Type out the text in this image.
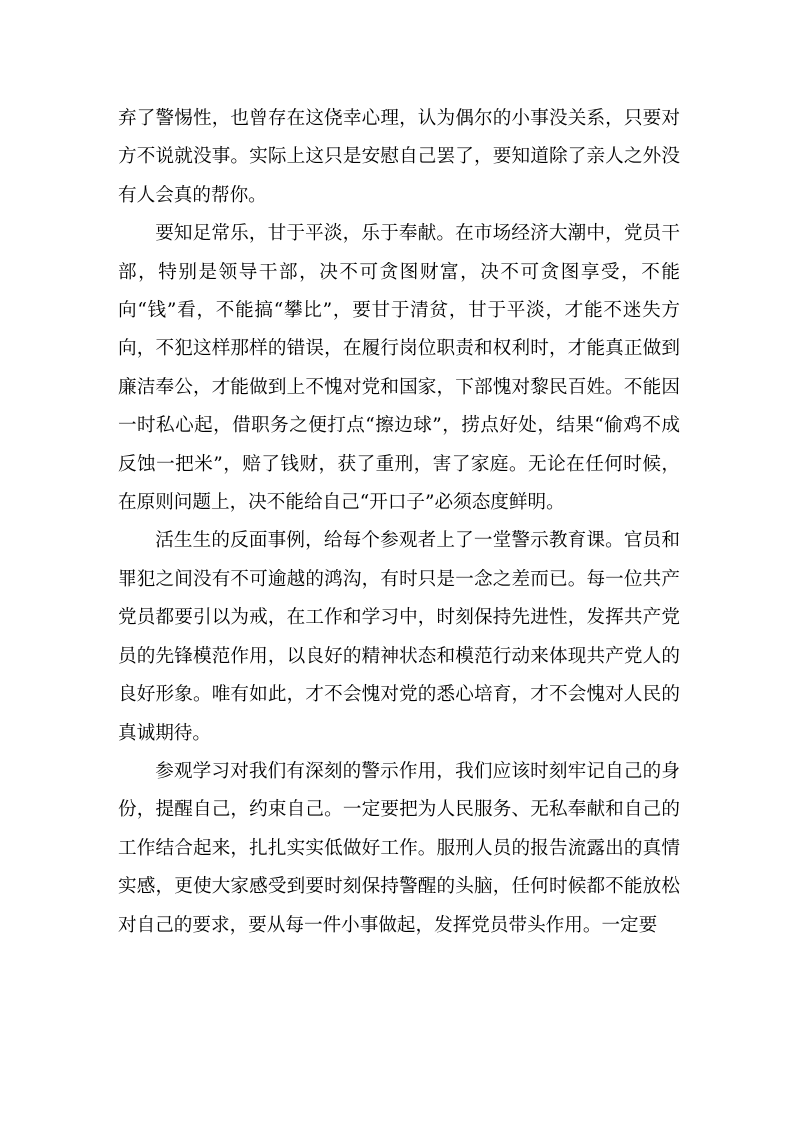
弃了警惕性，也曾存在这侥幸心理，认为偶尔的小事没关系，只要对方不说就没事。实际上这只是安慰自己罢了，要知道除了亲人之外没有人会真的帮你。

要知足常乐，甘于平淡，乐于奉献。在市场经济大潮中，党员干部，特别是领导干部，决不可贪图财富，决不可贪图享受，不能向“钱”看，不能搞“攀比”，要甘于清贫，甘于平淡，才能不迷失方向，不犯这样那样的错误，在履行岗位职责和权利时，才能真正做到廉洁奉公，才能做到上不愧对党和国家，下部愧对黎民百姓。不能因一时私心起，借职务之便打点“擦边球”，捞点好处，结果“偷鸡不成反蚀一把米”，赔了钱财，获了重刑，害了家庭。无论在任何时候，在原则问题上，决不能给自己“开口子”必须态度鲜明。

活生生的反面事例，给每个参观者上了一堂警示教育课。官员和罪犯之间没有不可逾越的鸿沟，有时只是一念之差而已。每一位共产党员都要引以为戒，在工作和学习中，时刻保持先进性，发挥共产党员的先锋模范作用，以良好的精神状态和模范行动来体现共产党人的良好形象。唯有如此，才不会愧对党的悉心培育，才不会愧对人民的真诚期待。

参观学习对我们有深刻的警示作用，我们应该时刻牢记自己的身份，提醒自己，约束自己。一定要把为人民服务、无私奉献和自己的工作结合起来，扎扎实实低做好工作。服刑人员的报告流露出的真情实感，更使大家感受到要时刻保持警醒的头脑，任何时候都不能放松对自己的要求，要从每一件小事做起，发挥党员带头作用。一定要
